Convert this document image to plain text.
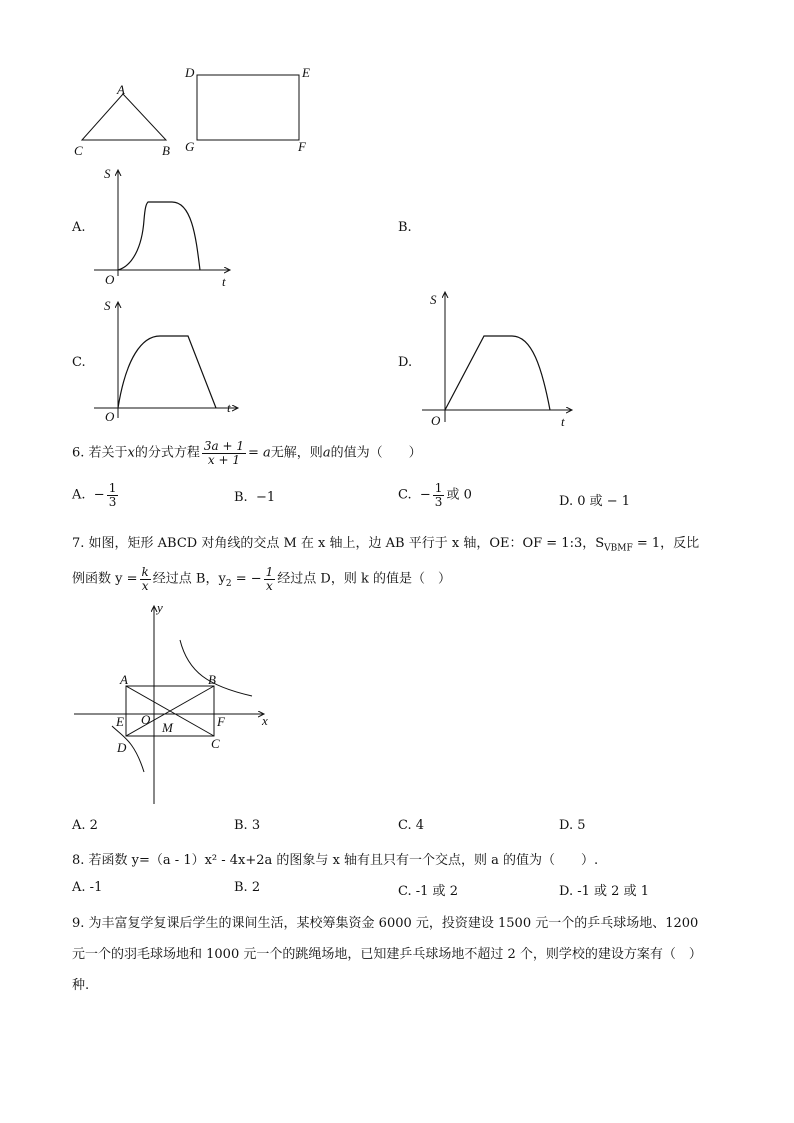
A
C	B
D	E
G	F
A.
S
O	t
B.
C.
S
O
t
D.
S
O	t
6. 若关于x的分式方程 $\frac{3a + 1}{x + 1} = a$无解，则a的值为（　　）
A. − $\frac{1}{3}$	B. −1	C. − $\frac{1}{3}$ 或 0	D. 0 或 − 1
7. 如图，矩形 ABCD 对角线的交点 M 在 x 轴上，边 AB 平行于 x 轴，OE：OF = 1:3，$S_{VBMF} = 1$，反比
例函数 $y = \frac{k}{x}$ 经过点 B，$y_2$ = − $\frac{1}{x}$ 经过点 D，则 k 的值是（　）
y
x
A	B
E O
M	F
D	C
A. 2	B. 3	C. 4	D. 5
8. 若函数 y=（a - 1）x² - 4x+2a 的图象与 x 轴有且只有一个交点，则 a 的值为（　　）.
A. -1	B. 2	C. -1 或 2	D. -1 或 2 或 1
9. 为丰富复学复课后学生的课间生活，某校筹集资金 6000 元，投资建设 1500 元一个的乒乓球场地、1200
元一个的羽毛球场地和 1000 元一个的跳绳场地，已知建乒乓球场地不超过 2 个，则学校的建设方案有（　）
种.
